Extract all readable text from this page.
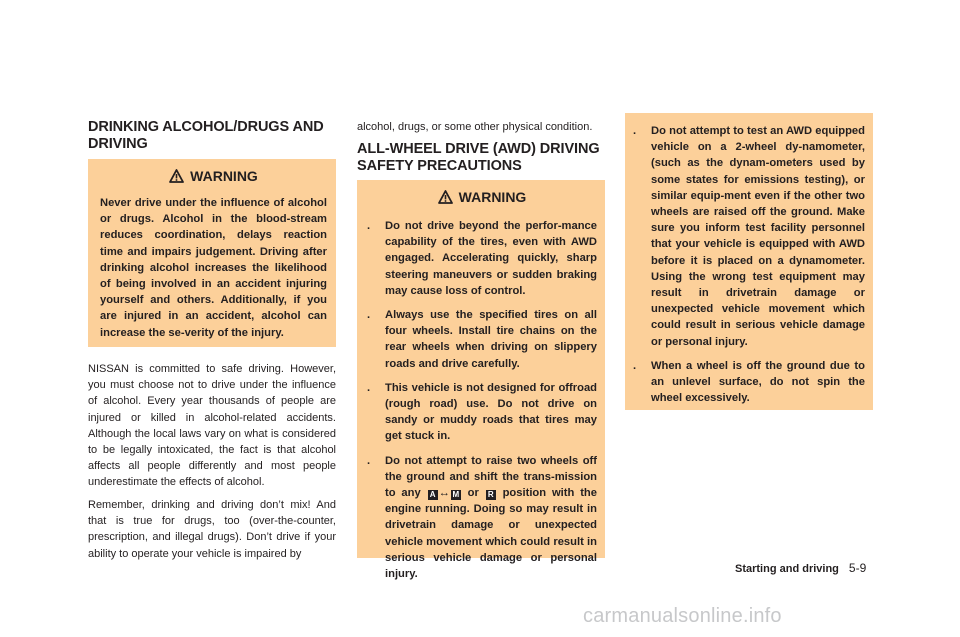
DRINKING ALCOHOL/DRUGS AND DRIVING

WARNING

Never drive under the influence of alcohol or drugs. Alcohol in the blood-stream reduces coordination, delays reaction time and impairs judgement. Driving after drinking alcohol increases the likelihood of being involved in an accident injuring yourself and others. Additionally, if you are injured in an accident, alcohol can increase the se-verity of the injury.

NISSAN is committed to safe driving. However, you must choose not to drive under the influence of alcohol. Every year thousands of people are injured or killed in alcohol-related accidents. Although the local laws vary on what is considered to be legally intoxicated, the fact is that alcohol affects all people differently and most people underestimate the effects of alcohol.

Remember, drinking and driving don’t mix! And that is true for drugs, too (over-the-counter, prescription, and illegal drugs). Don’t drive if your ability to operate your vehicle is impaired by

alcohol, drugs, or some other physical condition.

ALL-WHEEL DRIVE (AWD) DRIVING SAFETY PRECAUTIONS

WARNING

. Do not drive beyond the perfor-mance capability of the tires, even with AWD engaged. Accelerating quickly, sharp steering maneuvers or sudden braking may cause loss of control.
. Always use the specified tires on all four wheels. Install tire chains on the rear wheels when driving on slippery roads and drive carefully.
. This vehicle is not designed for offroad (rough road) use. Do not drive on sandy or muddy roads that tires may get stuck in.
. Do not attempt to raise two wheels off the ground and shift the trans-mission to any A ↔ M or R position with the engine running. Doing so may result in drivetrain damage or unexpected vehicle movement which could result in serious vehicle damage or personal injury.
. Do not attempt to test an AWD equipped vehicle on a 2-wheel dy-namometer, (such as the dynam-ometers used by some states for emissions testing), or similar equip-ment even if the other two wheels are raised off the ground. Make sure you inform test facility personnel that your vehicle is equipped with AWD before it is placed on a dynamometer. Using the wrong test equipment may result in drivetrain damage or unexpected vehicle movement which could result in serious vehicle damage or personal injury.
. When a wheel is off the ground due to an unlevel surface, do not spin the wheel excessively.
Starting and driving 5-9
carmanualsonline.info
